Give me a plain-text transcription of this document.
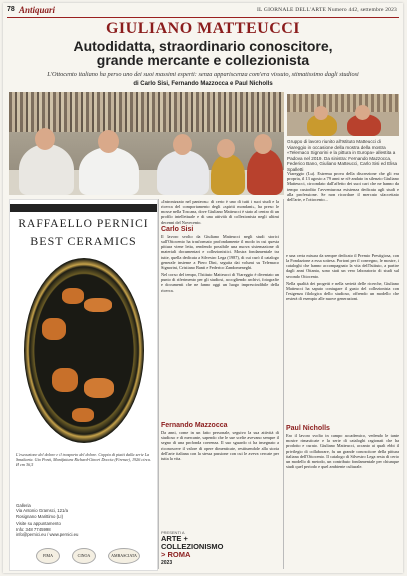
78 Antiquari	IL GIORNALE DELL'ARTE Numero 442, settembre 2023
GIULIANO MATTEUCCI
Autodidatta, straordinario conoscitore,
grande mercante e collezionista
L'Ottocento italiano ha perso uno dei suoi massimi esperti: senza appariscenza com'era vissuto, stimatissimo dagli studiosi
di Carlo Sisi, Fernando Mazzocca e Paul Nicholls
Gruppo di lavoro riunito all'Istituto Matteucci di Viareggio in occasione della mostra della mostra «Telemaco Signorini e la pittura in Europa» allestita a Padova nel 2019. Da sinistra: Fernando Mazzocca, Federico Bano, Giuliano Matteucci, Carlo Sisi ed Elisa Spalletti
Viareggio (Lu). Estrema prova della discrezione che gli era propria, il 13 agosto a 79 anni se n'è andato in silenzio Giuliano Matteucci, circondato dall'affetto dei suoi cari che ne hanno da tempo custodito l'avventurosa esistenza dedicata agli studi e alla professione. Se non ricordare il mercato sfaccettato dell'arte, e l'ottocento...
RAFFAELLO PERNICI
BEST CERAMICS
L'esecuzione del dolore e il trasporto del dolore. Coppia di piatti dalla serie La Smaltaria. Gio Ponti, Manifattura Richard-Ginori Doccia (Firenze), 1926 circa. Ø cm 36,5
Galleria
Via Antonio Gramsci, 121/a
Rosignano Marittimo (LI)
Visite su appuntamento
Info: 348 7745998
info@pernici.eu / www.pernici.eu
FIMA	CINOA	AMBASCIATA

«Intronizzato nel panteon»: di certo è uno di tutti i suoi studi e la ricerca del comportamento degli «spiriti mondani», ha preso le mosse nella Toscana, dove Giuliano Matteucci è stato al centro di un profilo intellettuale e di una attività di collezionista negli ultimi decenni del Novecento.

Carlo Sisi

Il lavoro svolto da Giuliano Matteucci negli studi storici sull'Ottocento ha trasformato profondamente il modo in cui questa pittura viene letta, rendendo possibile una nuova sistemazione di materiali documentari e collezionistici. Mostra fondamentale tra tutte, quella dedicata a Silvestro Lega (1987), di cui curò il catalogo generale insieme a Piero Dini, seguita dai volumi su Telemaco Signorini, Cristiano Banti e Federico Zandomeneghi.

Nel corso del tempo, l'Istituto Matteucci di Viareggio è diventato un punto di riferimento per gli studiosi, accogliendo archivi, fotografie e documenti che ne fanno oggi un luogo imprescindibile della ricerca.

Fernando Mazzocca

Da anni, come in un fatto personale, seguivo la sua attività di studioso e di mercante, sapendo che le sue scelte avevano sempre il segno di una profonda coerenza. Il suo sguardo ci ha insegnato a riconoscere il valore di opere dimenticate, restituendole alla storia dell'arte italiana con la stessa passione con cui le aveva cercate per tutta la vita.

e una certa misura da sempre dedicato il Premio Prestigiosa, con la Fondazione a essa sottesa. Portoni per il convegno, le mostre, i cataloghi che hanno accompagnato la vita dell'Istituto, a partire dagli anni Ottanta, sono stati un vero laboratorio di studi sul secondo Ottocento.

Nella qualità dei progetti e nella serietà delle ricerche, Giuliano Matteucci ha saputo coniugare il gusto del collezionista con l'esigenza filologica dello studioso, offrendo un modello che resterà di esempio alle nuove generazioni.

Paul Nicholls

Ero il lavoro svolto in campo accademico, vedendo le tante mostre rimasticate e la serie di cataloghi ragionati che ha prodotto e curato. Giuliano Matteucci, accanto ai quali ebbi il privilegio di collaborare, fu un grande conoscitore della pittura italiana dell'Ottocento. Il catalogo di Silvestro Lega resta di certo un modello di metodo, un contributo fondamentale per chiunque studi quel periodo e quel ambiente culturale.

PRESENTI A
ARTE +
COLLEZIONISMO
> ROMA
2023
